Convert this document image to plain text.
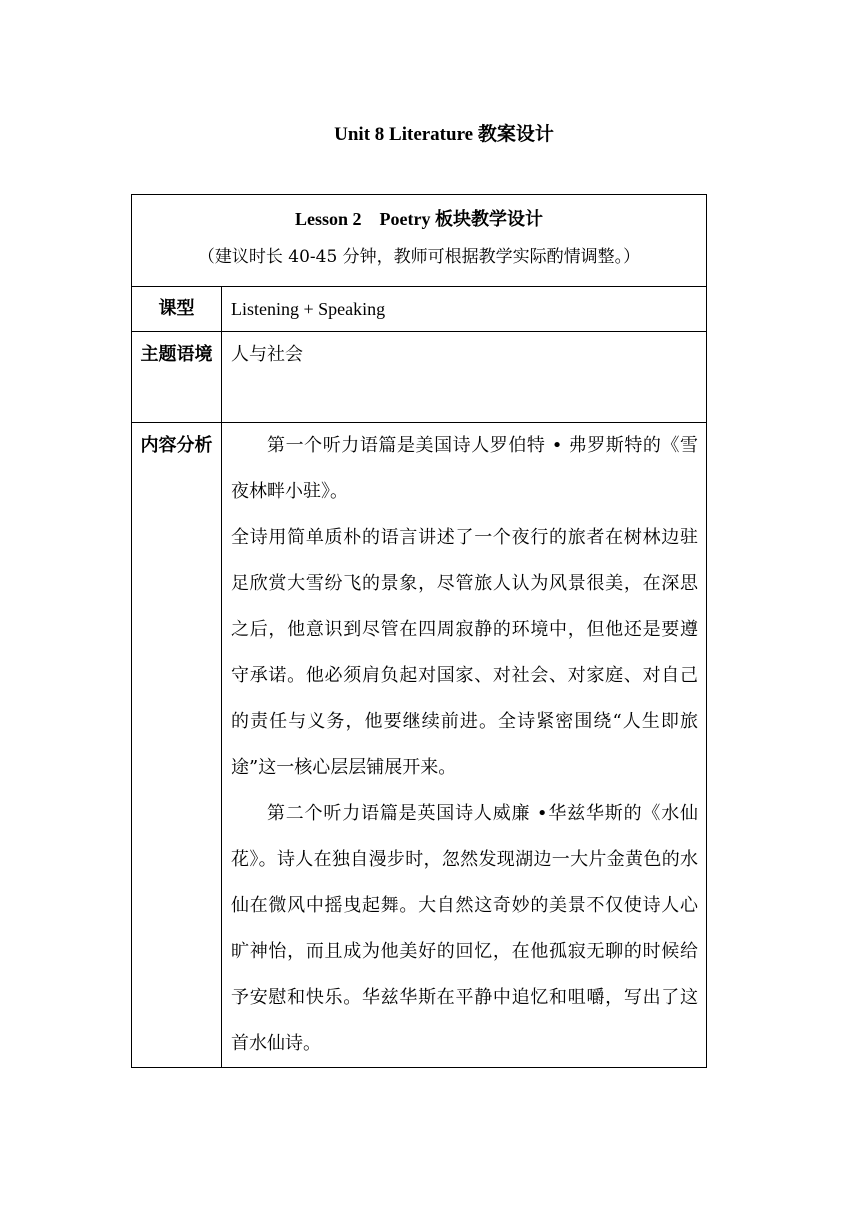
Unit 8 Literature 教案设计
Lesson 2　Poetry 板块教学设计
（建议时长 40-45 分钟，教师可根据教学实际酌情调整。）	

课型	Listening + Speaking

主题语境	人与社会

内容分析	第一个听力语篇是美国诗人罗伯特 • 弗罗斯特的《雪夜林畔小驻》。

全诗用简单质朴的语言讲述了一个夜行的旅者在树林边驻足欣赏大雪纷飞的景象，尽管旅人认为风景很美，在深思之后，他意识到尽管在四周寂静的环境中，但他还是要遵守承诺。他必须肩负起对国家、对社会、对家庭、对自己的责任与义务，他要继续前进。全诗紧密围绕“人生即旅途”这一核心层层铺展开来。

第二个听力语篇是英国诗人威廉 •华兹华斯的《水仙花》。诗人在独自漫步时，忽然发现湖边一大片金黄色的水仙在微风中摇曳起舞。大自然这奇妙的美景不仅使诗人心旷神怡，而且成为他美好的回忆，在他孤寂无聊的时候给予安慰和快乐。华兹华斯在平静中追忆和咀嚼，写出了这首水仙诗。
